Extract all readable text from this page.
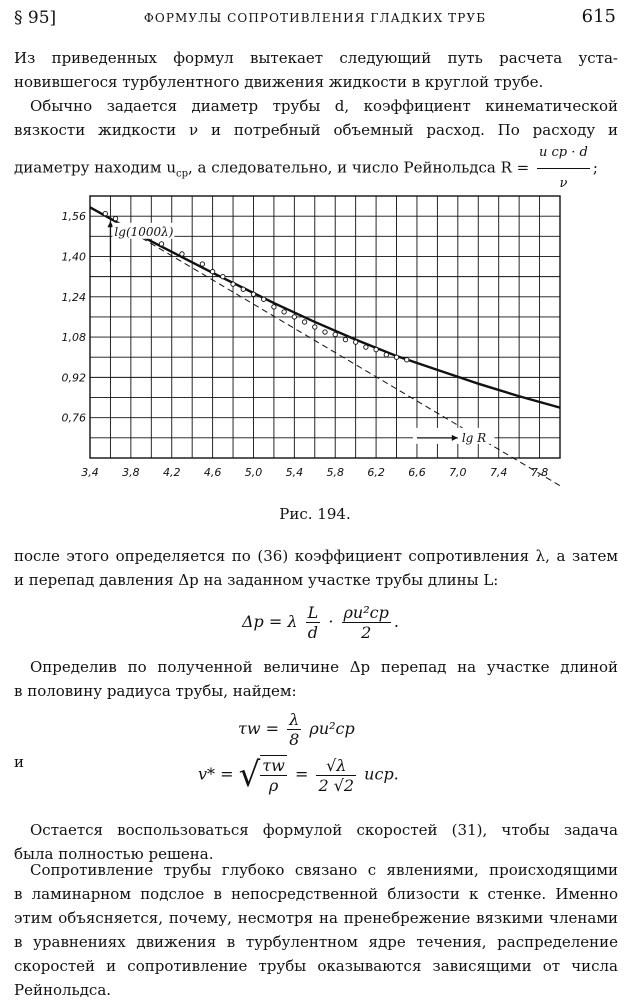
§ 95]	ФОРМУЛЫ СОПРОТИВЛЕНИЯ ГЛАДКИХ ТРУБ	615
Из приведенных формул вытекает следующий путь расчета уста-
новившегося турбулентного движения жидкости в круглой трубе.
Обычно задается диаметр трубы d, коэффициент кинематической
вязкости жидкости ν и потребный объемный расход. По расходу и
диаметру находим $u_{ср}$, а следовательно, и число Рейнольдса $R = \frac{\text{u ср · d}}{\nu}$ ;
3,4 3,8 4,2 4,6 5,0 5,4 5,8 6,2 6,6 7,0 7,4 7,8
1,56
1,40
1,24
1,08
0,92
0,76
lg(1000λ)
lg R
Рис. 194.
после этого определяется по (36) коэффициент сопротивления λ, а затем
и перепад давления Δp на заданном участке трубы длины L:
Δp = λ $\frac{L}{d} \cdot \frac{\text{ρu²ср}}{2}$ .
Определив по полученной величине Δp перепад на участке длиной
в половину радиуса трубы, найдем:
$\tau w = \frac{\lambda}{8} \rho u^2ср$
и
v* = √ $\frac{\tau w}{\rho} = \frac{√\lambda}{2 √2}$ uср.
Остается воспользоваться формулой скоростей (31), чтобы задача
была полностью решена.
Сопротивление трубы глубоко связано с явлениями, происходящими
в ламинарном подслое в непосредственной близости к стенке. Именно
этим объясняется, почему, несмотря на пренебрежение вязкими членами
в уравнениях движения в турбулентном ядре течения, распределение
скоростей и сопротивление трубы оказываются зависящими от числа
Рейнольдса.
